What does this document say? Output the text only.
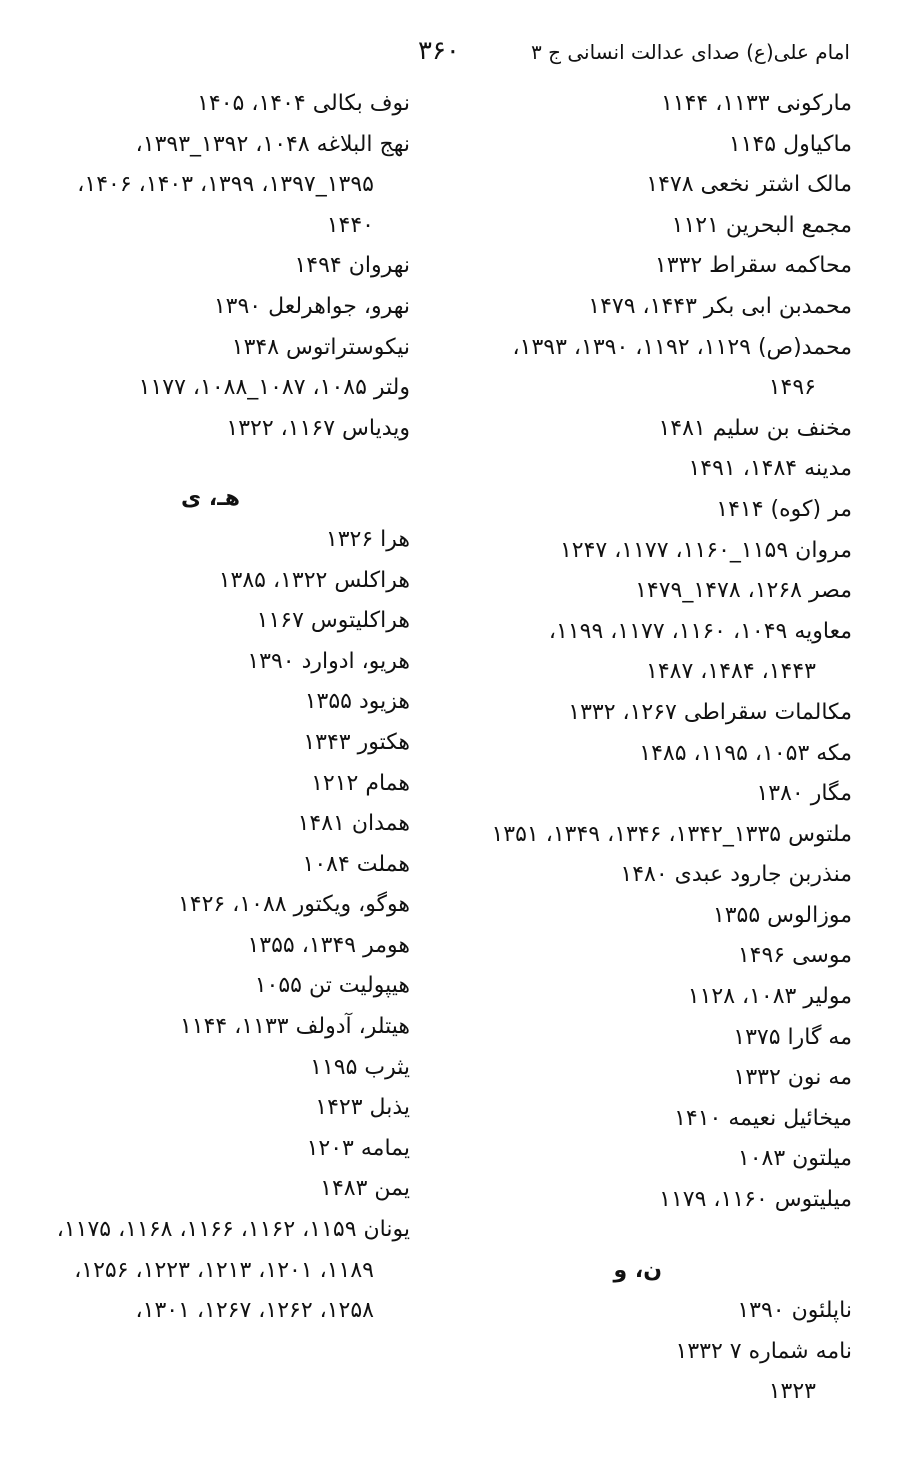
امام علی(ع) صدای عدالت انسانی ج ۳
۳۶۰
مارکونی ۱۱۳۳، ۱۱۴۴
ماکیاول ۱۱۴۵
مالک اشتر نخعی ۱۴۷۸
مجمع البحرین ۱۱۲۱
محاکمه سقراط ۱۳۳۲
محمدبن ابی بکر ۱۴۴۳، ۱۴۷۹
محمد(ص) ۱۱۲۹، ۱۱۹۲، ۱۳۹۰، ۱۳۹۳،
۱۴۹۶
مخنف بن سلیم ۱۴۸۱
مدینه ۱۴۸۴، ۱۴۹۱
مر (کوه) ۱۴۱۴
مروان ۱۱۵۹_۱۱۶۰، ۱۱۷۷، ۱۲۴۷
مصر ۱۲۶۸، ۱۴۷۸_۱۴۷۹
معاویه ۱۰۴۹، ۱۱۶۰، ۱۱۷۷، ۱۱۹۹،
۱۴۴۳، ۱۴۸۴، ۱۴۸۷
مکالمات سقراطی ۱۲۶۷، ۱۳۳۲
مکه ۱۰۵۳، ۱۱۹۵، ۱۴۸۵
مگار ۱۳۸۰
ملتوس ۱۳۳۵_۱۳۴۲، ۱۳۴۶، ۱۳۴۹، ۱۳۵۱
منذربن جارود عبدی ۱۴۸۰
موزالوس ۱۳۵۵
موسی ۱۴۹۶
مولیر ۱۰۸۳، ۱۱۲۸
مه گارا ۱۳۷۵
مه نون ۱۳۳۲
میخائیل نعیمه ۱۴۱۰
میلتون ۱۰۸۳
میلیتوس ۱۱۶۰، ۱۱۷۹
ن، و
ناپلئون ۱۳۹۰
نامه شماره ۷ ۱۳۳۲
۱۳۲۳
نوف بکالی ۱۴۰۴، ۱۴۰۵
نهج البلاغه ۱۰۴۸، ۱۳۹۲_۱۳۹۳،
۱۳۹۵_۱۳۹۷، ۱۳۹۹، ۱۴۰۳، ۱۴۰۶،
۱۴۴۰
نهروان ۱۴۹۴
نهرو، جواهرلعل ۱۳۹۰
نیکوستراتوس ۱۳۴۸
ولتر ۱۰۸۵، ۱۰۸۷_۱۰۸۸، ۱۱۷۷
ویدیاس ۱۱۶۷، ۱۳۲۲
هـ، ی
هرا ۱۳۲۶
هراکلس ۱۳۲۲، ۱۳۸۵
هراکلیتوس ۱۱۶۷
هریو، ادوارد ۱۳۹۰
هزیود ۱۳۵۵
هکتور ۱۳۴۳
همام ۱۲۱۲
همدان ۱۴۸۱
هملت ۱۰۸۴
هوگو، ویکتور ۱۰۸۸، ۱۴۲۶
هومر ۱۳۴۹، ۱۳۵۵
هیپولیت تن ۱۰۵۵
هیتلر، آدولف ۱۱۳۳، ۱۱۴۴
یثرب ۱۱۹۵
یذبل ۱۴۲۳
یمامه ۱۲۰۳
یمن ۱۴۸۳
یونان ۱۱۵۹، ۱۱۶۲، ۱۱۶۶، ۱۱۶۸، ۱۱۷۵،
۱۱۸۹، ۱۲۰۱، ۱۲۱۳، ۱۲۲۳، ۱۲۵۶،
۱۲۵۸، ۱۲۶۲، ۱۲۶۷، ۱۳۰۱،
